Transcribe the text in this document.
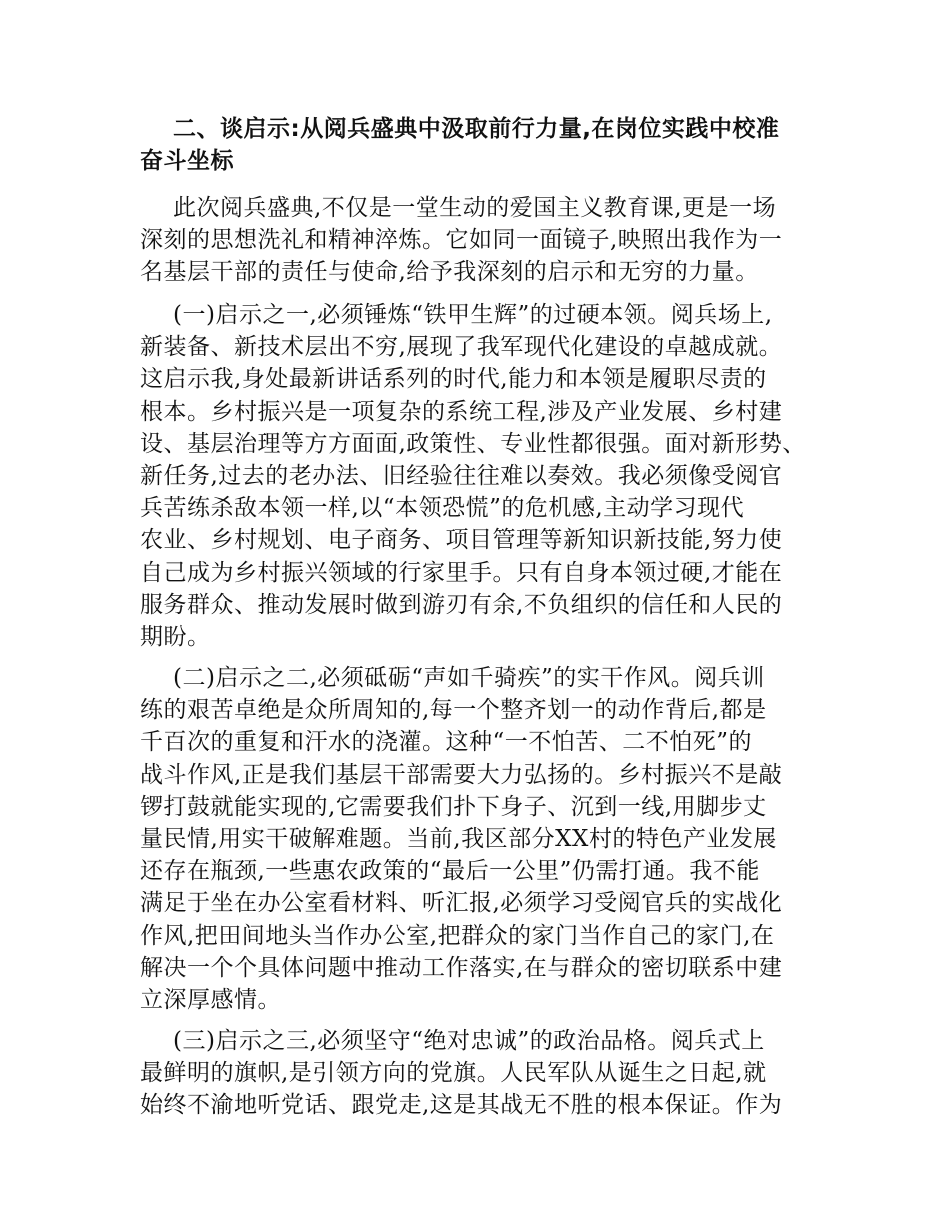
二、谈启示:从阅兵盛典中汲取前行力量,在岗位实践中校准
奋斗坐标
此次阅兵盛典,不仅是一堂生动的爱国主义教育课,更是一场
深刻的思想洗礼和精神淬炼。它如同一面镜子,映照出我作为一
名基层干部的责任与使命,给予我深刻的启示和无穷的力量。
(一)启示之一,必须锤炼“铁甲生辉”的过硬本领。阅兵场上,
新装备、新技术层出不穷,展现了我军现代化建设的卓越成就。
这启示我,身处最新讲话系列的时代,能力和本领是履职尽责的
根本。乡村振兴是一项复杂的系统工程,涉及产业发展、乡村建
设、基层治理等方方面面,政策性、专业性都很强。面对新形势、
新任务,过去的老办法、旧经验往往难以奏效。我必须像受阅官
兵苦练杀敌本领一样,以“本领恐慌”的危机感,主动学习现代
农业、乡村规划、电子商务、项目管理等新知识新技能,努力使
自己成为乡村振兴领域的行家里手。只有自身本领过硬,才能在
服务群众、推动发展时做到游刃有余,不负组织的信任和人民的
期盼。
(二)启示之二,必须砥砺“声如千骑疾”的实干作风。阅兵训
练的艰苦卓绝是众所周知的,每一个整齐划一的动作背后,都是
千百次的重复和汗水的浇灌。这种“一不怕苦、二不怕死”的
战斗作风,正是我们基层干部需要大力弘扬的。乡村振兴不是敲
锣打鼓就能实现的,它需要我们扑下身子、沉到一线,用脚步丈
量民情,用实干破解难题。当前,我区部分XX村的特色产业发展
还存在瓶颈,一些惠农政策的“最后一公里”仍需打通。我不能
满足于坐在办公室看材料、听汇报,必须学习受阅官兵的实战化
作风,把田间地头当作办公室,把群众的家门当作自己的家门,在
解决一个个具体问题中推动工作落实,在与群众的密切联系中建
立深厚感情。
(三)启示之三,必须坚守“绝对忠诚”的政治品格。阅兵式上
最鲜明的旗帜,是引领方向的党旗。人民军队从诞生之日起,就
始终不渝地听党话、跟党走,这是其战无不胜的根本保证。作为
